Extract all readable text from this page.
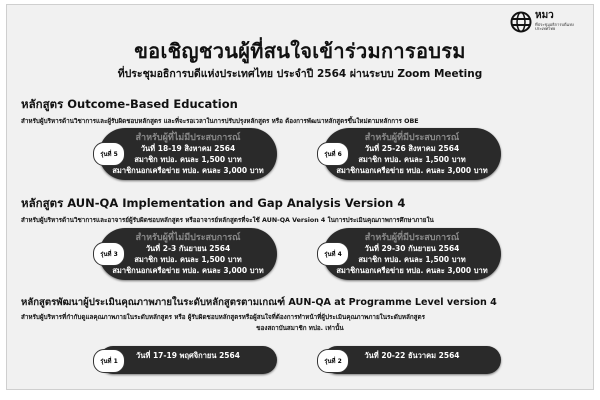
หมว
ที่ประชุมอธิการบดีแห่งประเทศไทย
ขอเชิญชวนผู้ที่สนใจเข้าร่วมการอบรม
ที่ประชุมอธิการบดีแห่งประเทศไทย ประจำปี 2564 ผ่านระบบ Zoom Meeting
หลักสูตร Outcome-Based Education
สำหรับผู้บริหารด้านวิชาการและผู้รับผิดชอบหลักสูตร และที่จะรอเวลาในการปรับปรุงหลักสูตร หรือ ต้องการพัฒนาหลักสูตรขึ้นใหม่ตามหลักการ OBE
รุ่นที่ 5
สำหรับผู้ที่ไม่มีประสบการณ์
วันที่ 18-19 สิงหาคม 2564
สมาชิก ทปอ. คนละ 1,500 บาท
สมาชิกนอกเครือข่าย ทปอ. คนละ 3,000 บาท
รุ่นที่ 6
สำหรับผู้ที่มีประสบการณ์
วันที่ 25-26 สิงหาคม 2564
สมาชิก ทปอ. คนละ 1,500 บาท
สมาชิกนอกเครือข่าย ทปอ. คนละ 3,000 บาท
หลักสูตร AUN-QA Implementation and Gap Analysis Version 4
สำหรับผู้บริหารด้านวิชาการและอาจารย์ผู้รับผิดชอบหลักสูตร หรืออาจารย์หลักสูตรที่จะใช้ AUN-QA Version 4 ในการประเมินคุณภาพการศึกษาภายใน
รุ่นที่ 3
สำหรับผู้ที่ไม่มีประสบการณ์
วันที่ 2-3 กันยายน 2564
สมาชิก ทปอ. คนละ 1,500 บาท
สมาชิกนอกเครือข่าย ทปอ. คนละ 3,000 บาท
รุ่นที่ 4
สำหรับผู้ที่มีประสบการณ์
วันที่ 29-30 กันยายน 2564
สมาชิก ทปอ. คนละ 1,500 บาท
สมาชิกนอกเครือข่าย ทปอ. คนละ 3,000 บาท
หลักสูตรพัฒนาผู้ประเมินคุณภาพภายในระดับหลักสูตรตามเกณฑ์ AUN-QA at Programme Level version 4
สำหรับผู้บริหารที่กำกับดูแลคุณภาพภายในระดับหลักสูตร หรือ ผู้รับผิดชอบหลักสูตรหรือผู้สนใจที่ต้องการทำหน้าที่ผู้ประเมินคุณภาพภายในระดับหลักสูตร
ของสถาบันสมาชิก ทปอ. เท่านั้น
รุ่นที่ 1
วันที่ 17-19 พฤศจิกายน 2564
รุ่นที่ 2
วันที่ 20-22 ธันวาคม 2564
